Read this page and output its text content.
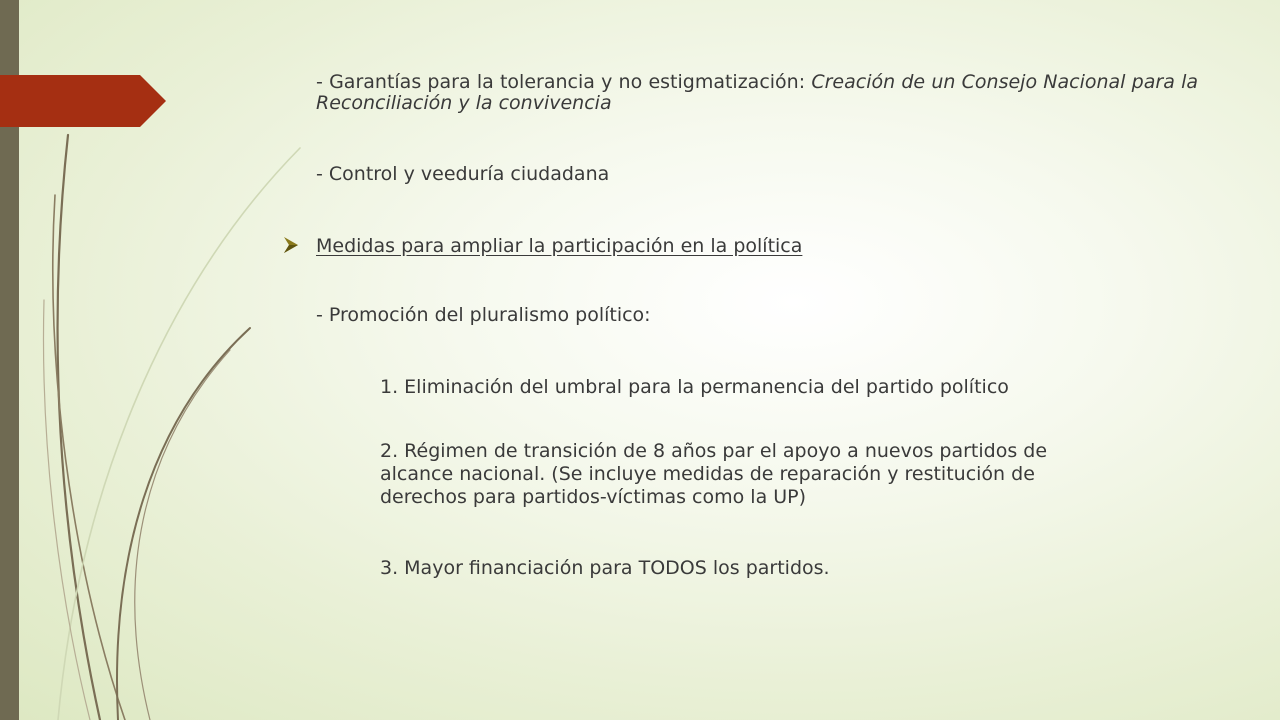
- Garantías para la tolerancia y no estigmatización: Creación de un Consejo Nacional para la Reconciliación y la convivencia
- Control y veeduría ciudadana
Medidas para ampliar la participación en la política
- Promoción del pluralismo político:
1. Eliminación del umbral para la permanencia del partido político
2. Régimen de transición de 8 años par el apoyo a nuevos partidos de
alcance nacional. (Se incluye medidas de reparación y restitución de
derechos para partidos-víctimas como la UP)
3. Mayor financiación para TODOS los partidos.
